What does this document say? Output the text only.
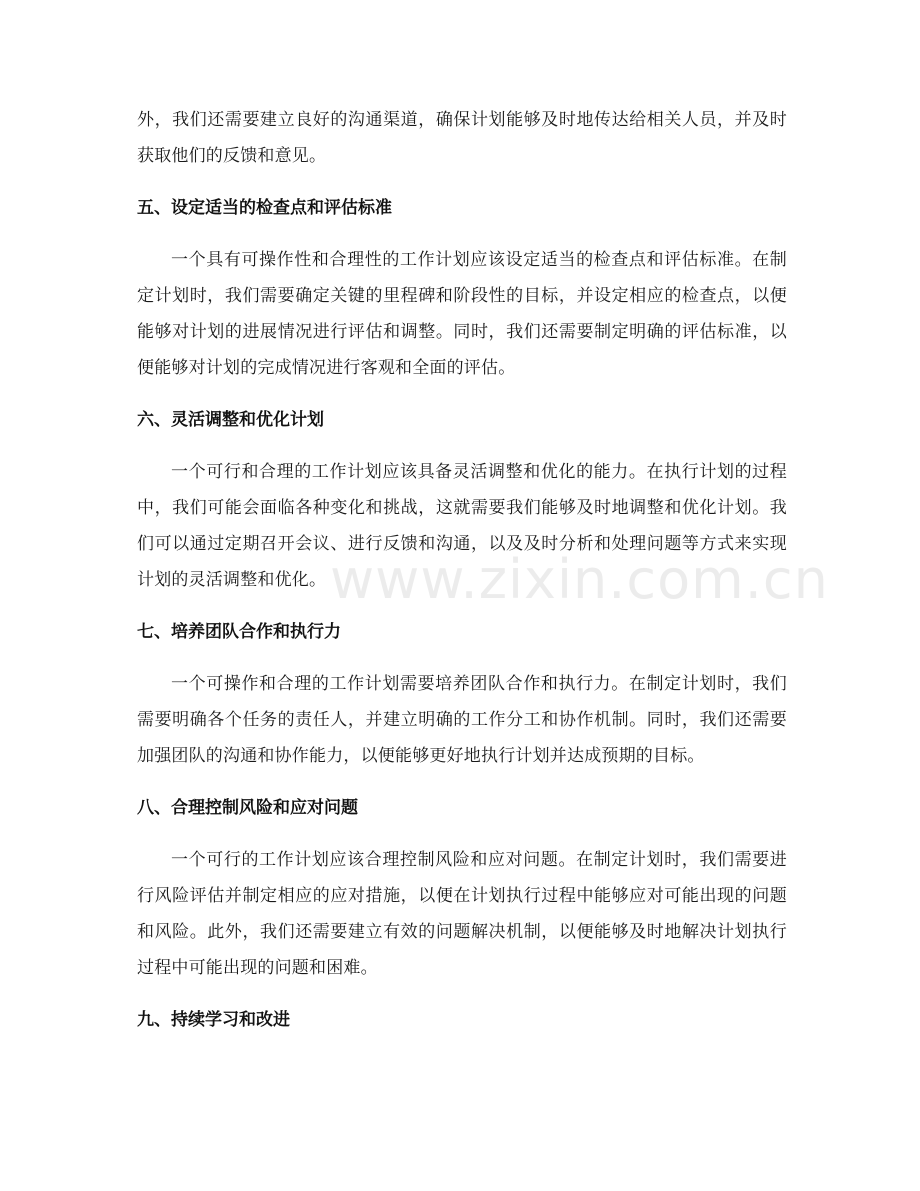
外，我们还需要建立良好的沟通渠道，确保计划能够及时地传达给相关人员，并及时获取他们的反馈和意见。

五、设定适当的检查点和评估标准

一个具有可操作性和合理性的工作计划应该设定适当的检查点和评估标准。在制定计划时，我们需要确定关键的里程碑和阶段性的目标，并设定相应的检查点，以便能够对计划的进展情况进行评估和调整。同时，我们还需要制定明确的评估标准，以便能够对计划的完成情况进行客观和全面的评估。

六、灵活调整和优化计划

一个可行和合理的工作计划应该具备灵活调整和优化的能力。在执行计划的过程中，我们可能会面临各种变化和挑战，这就需要我们能够及时地调整和优化计划。我们可以通过定期召开会议、进行反馈和沟通，以及及时分析和处理问题等方式来实现计划的灵活调整和优化。

七、培养团队合作和执行力

一个可操作和合理的工作计划需要培养团队合作和执行力。在制定计划时，我们需要明确各个任务的责任人，并建立明确的工作分工和协作机制。同时，我们还需要加强团队的沟通和协作能力，以便能够更好地执行计划并达成预期的目标。

八、合理控制风险和应对问题

一个可行的工作计划应该合理控制风险和应对问题。在制定计划时，我们需要进行风险评估并制定相应的应对措施，以便在计划执行过程中能够应对可能出现的问题和风险。此外，我们还需要建立有效的问题解决机制，以便能够及时地解决计划执行过程中可能出现的问题和困难。

九、持续学习和改进
www.zixin.com.cn
